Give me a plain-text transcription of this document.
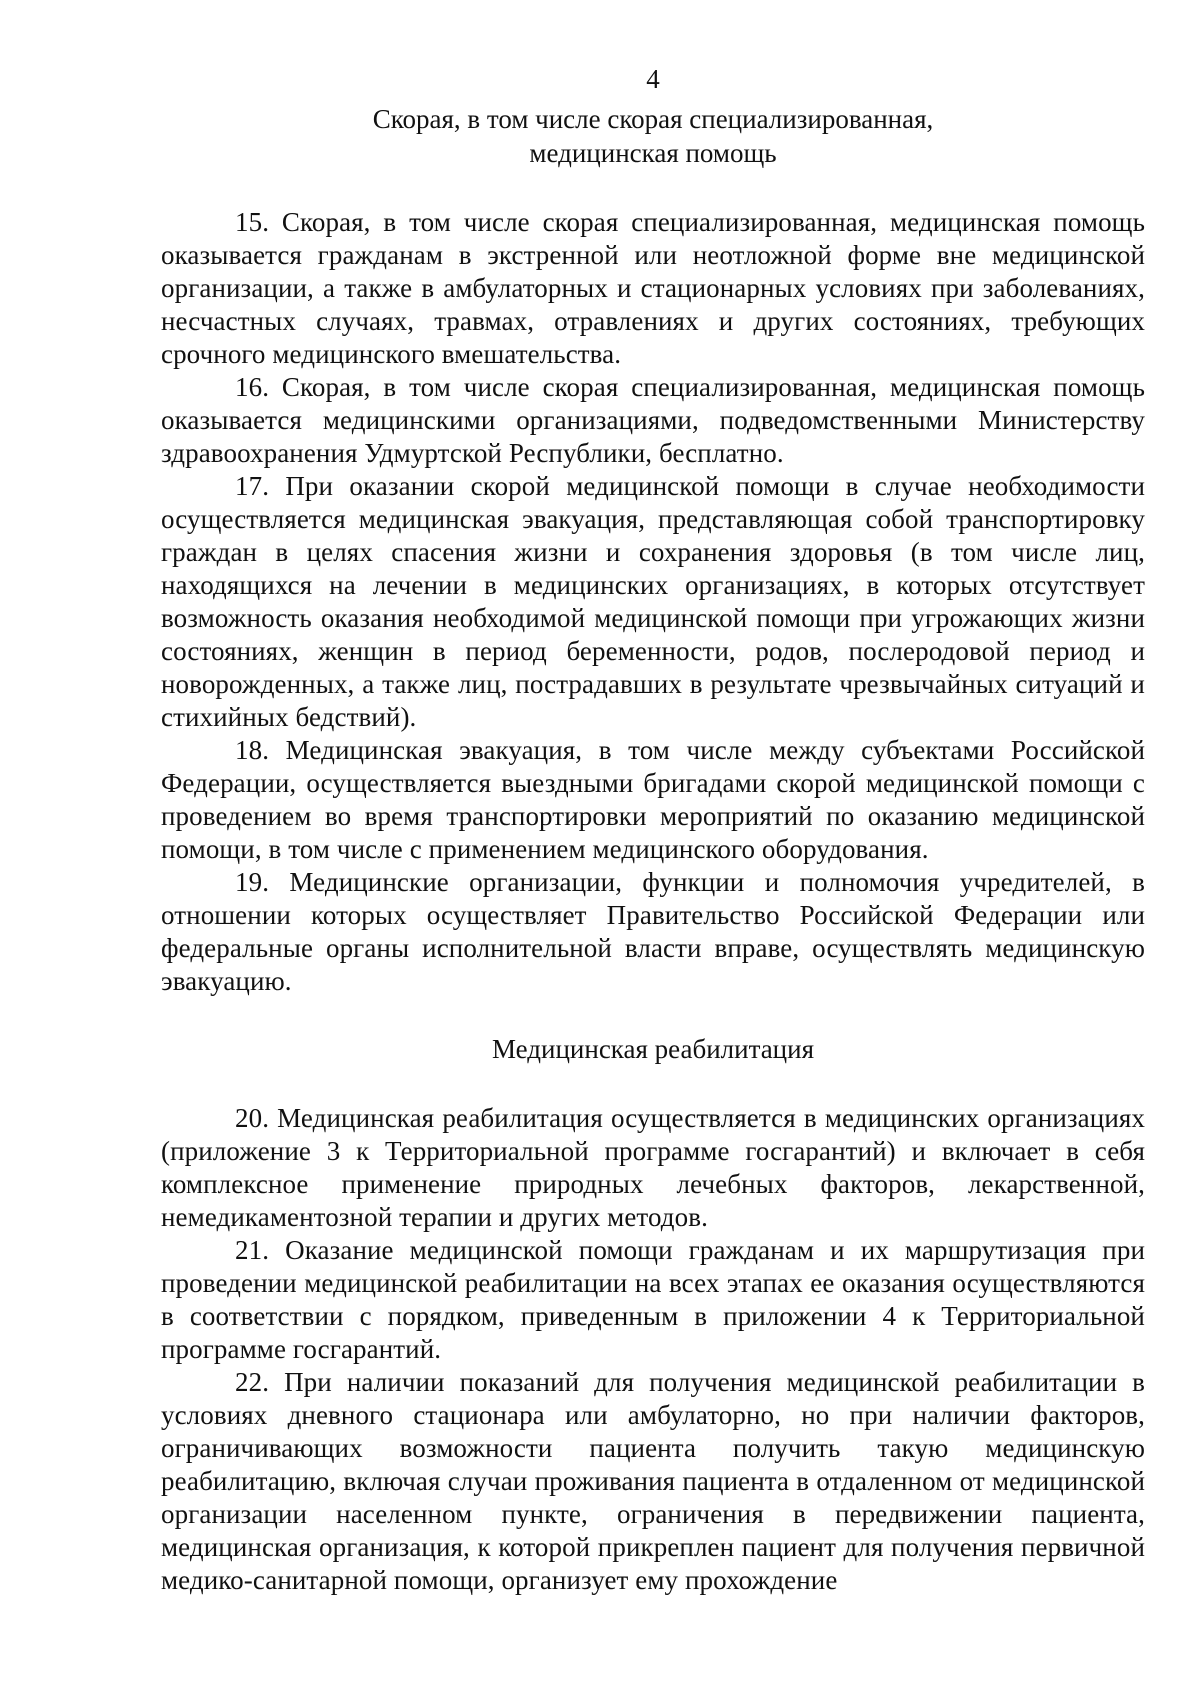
4
Скорая, в том числе скорая специализированная,
медицинская помощь

15. Скорая, в том числе скорая специализированная, медицинская помощь оказывается гражданам в экстренной или неотложной форме вне медицинской организации, а также в амбулаторных и стационарных условиях при заболеваниях, несчастных случаях, травмах, отравлениях и других состояниях, требующих срочного медицинского вмешательства.

16. Скорая, в том числе скорая специализированная, медицинская помощь оказывается медицинскими организациями, подведомственными Министерству здравоохранения Удмуртской Республики, бесплатно.

17. При оказании скорой медицинской помощи в случае необходимости осуществляется медицинская эвакуация, представляющая собой транспортировку граждан в целях спасения жизни и сохранения здоровья (в том числе лиц, находящихся на лечении в медицинских организациях, в которых отсутствует возможность оказания необходимой медицинской помощи при угрожающих жизни состояниях, женщин в период беременности, родов, послеродовой период и новорожденных, а также лиц, пострадавших в результате чрезвычайных ситуаций и стихийных бедствий).

18. Медицинская эвакуация, в том числе между субъектами Российской Федерации, осуществляется выездными бригадами скорой медицинской помощи с проведением во время транспортировки мероприятий по оказанию медицинской помощи, в том числе с применением медицинского оборудования.

19. Медицинские организации, функции и полномочия учредителей, в отношении которых осуществляет Правительство Российской Федерации или федеральные органы исполнительной власти вправе, осуществлять медицинскую эвакуацию.

Медицинская реабилитация

20. Медицинская реабилитация осуществляется в медицинских организациях (приложение 3 к Территориальной программе госгарантий) и включает в себя комплексное применение природных лечебных факторов, лекарственной, немедикаментозной терапии и других методов.

21. Оказание медицинской помощи гражданам и их маршрутизация при проведении медицинской реабилитации на всех этапах ее оказания осуществляются в соответствии с порядком, приведенным в приложении 4 к Территориальной программе госгарантий.

22. При наличии показаний для получения медицинской реабилитации в условиях дневного стационара или амбулаторно, но при наличии факторов, ограничивающих возможности пациента получить такую медицинскую реабилитацию, включая случаи проживания пациента в отдаленном от медицинской организации населенном пункте, ограничения в передвижении пациента, медицинская организация, к которой прикреплен пациент для получения первичной медико-санитарной помощи, организует ему прохождение
